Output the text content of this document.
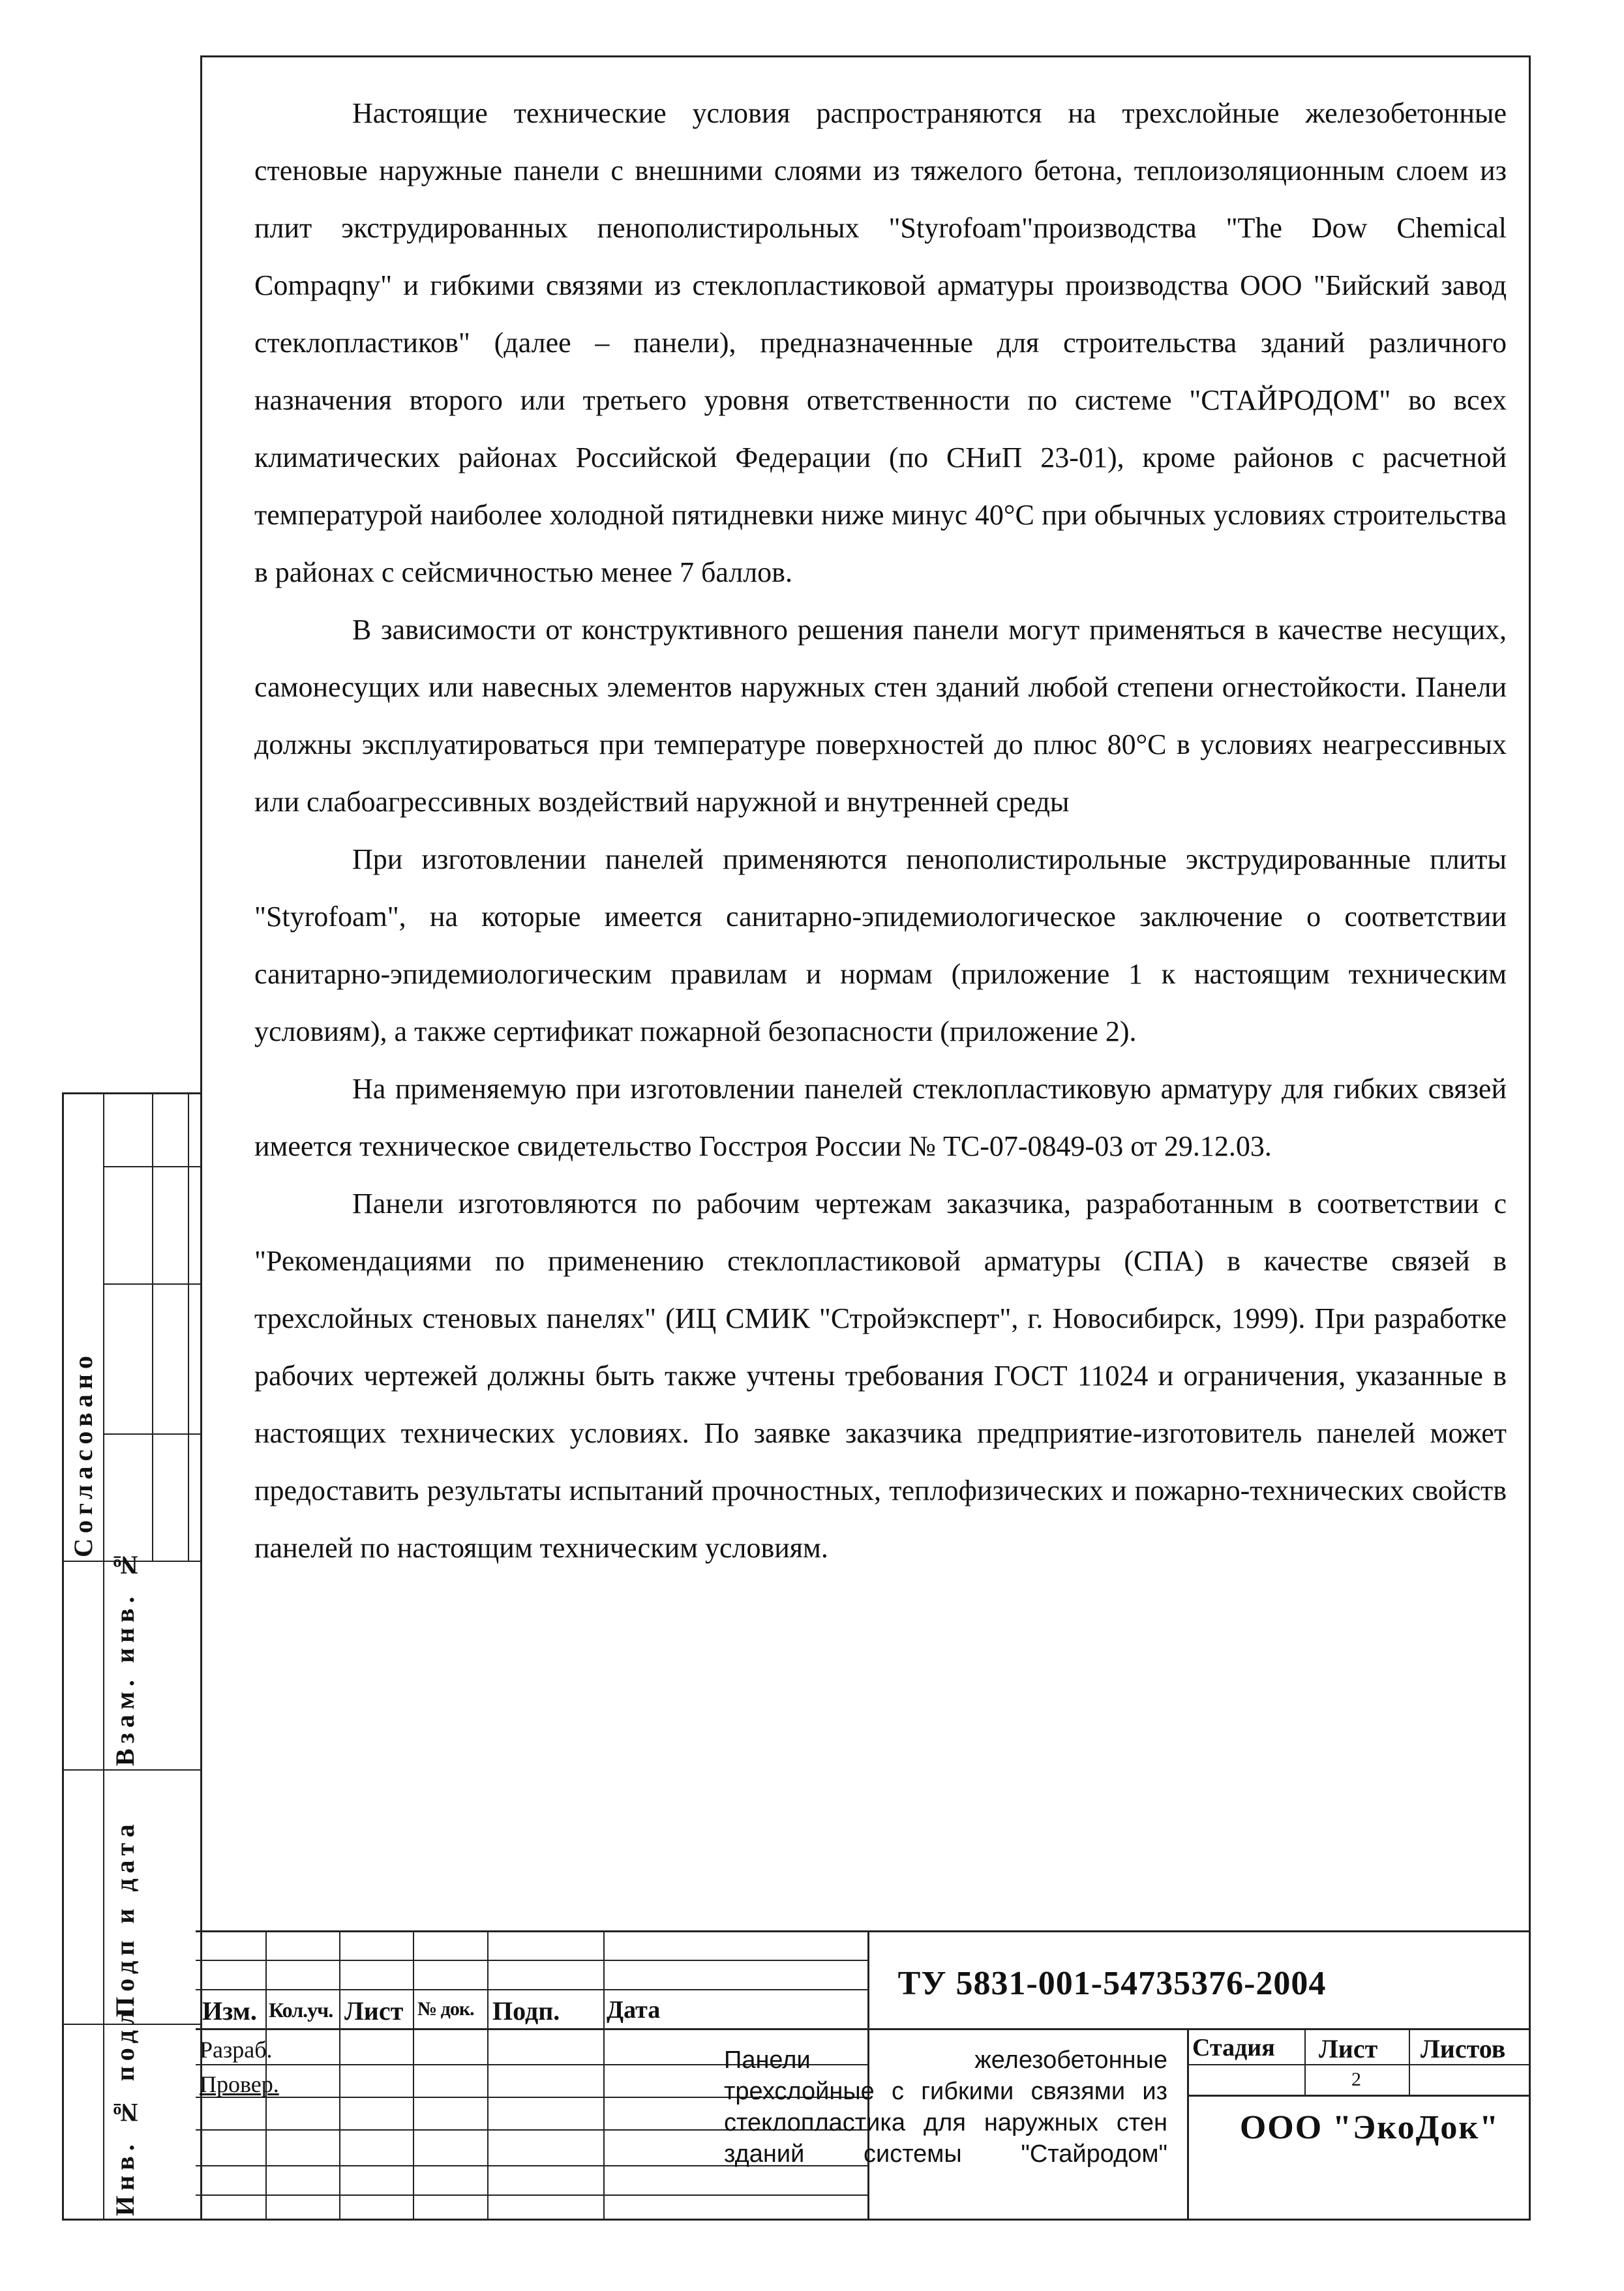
Настоящие технические условия распространяются на трехслойные железобетонные стеновые наружные панели с внешними слоями из тяжелого бетона, теплоизоляционным слоем из плит экструдированных пенополистирольных "Styrofoam"производства "The Dow Chemical Compaqny" и гибкими связями из стеклопластиковой арматуры производства ООО "Бийский завод стеклопластиков" (далее – панели), предназначенные для строительства зданий различного назначения второго или третьего уровня ответственности по системе "СТАЙРОДОМ" во всех климатических районах Российской Федерации (по СНиП 23-01), кроме районов с расчетной температурой наиболее холодной пятидневки ниже минус 40°С при обычных условиях строительства в районах с сейсмичностью менее 7 баллов.

В зависимости от конструктивного решения панели могут применяться в качестве несущих, самонесущих или навесных элементов наружных стен зданий любой степени огнестойкости. Панели должны эксплуатироваться при температуре поверхностей до плюс 80°С в условиях неагрессивных или слабоагрессивных воздействий наружной и внутренней среды

При изготовлении панелей применяются пенополистирольные экструдированные плиты "Styrofoam", на которые имеется санитарно-эпидемиологическое заключение о соответствии санитарно-эпидемиологическим правилам и нормам (приложение 1 к настоящим техническим условиям), а также сертификат пожарной безопасности (приложение 2).

На применяемую при изготовлении панелей стеклопластиковую арматуру для гибких связей имеется техническое свидетельство Госстроя России № ТС-07-0849-03 от 29.12.03.

Панели изготовляются по рабочим чертежам заказчика, разработанным в соответствии с "Рекомендациями по применению стеклопластиковой арматуры (СПА) в качестве связей в трехслойных стеновых панелях" (ИЦ СМИК "Стройэксперт", г. Новосибирск, 1999). При разработке рабочих чертежей должны быть также учтены требования ГОСТ 11024 и ограничения, указанные в настоящих технических условиях. По заявке заказчика предприятие-изготовитель панелей может предоставить результаты испытаний прочностных, теплофизических и пожарно-технических свойств панелей по настоящим техническим условиям.

Согласовано
Взам. инв. №
Подп и дата
Инв. № подл. Изм. Кол.уч. Лист № док. Подп. Дата
Разраб.
Провер.
Стадия Лист Листов
2
ТУ 5831-001-54735376-2004
Панели железобетонные трехслойные с гибкими связями из стеклопластика для наружных стен зданий системы "Стайродом"
ООО "ЭкоДок"
